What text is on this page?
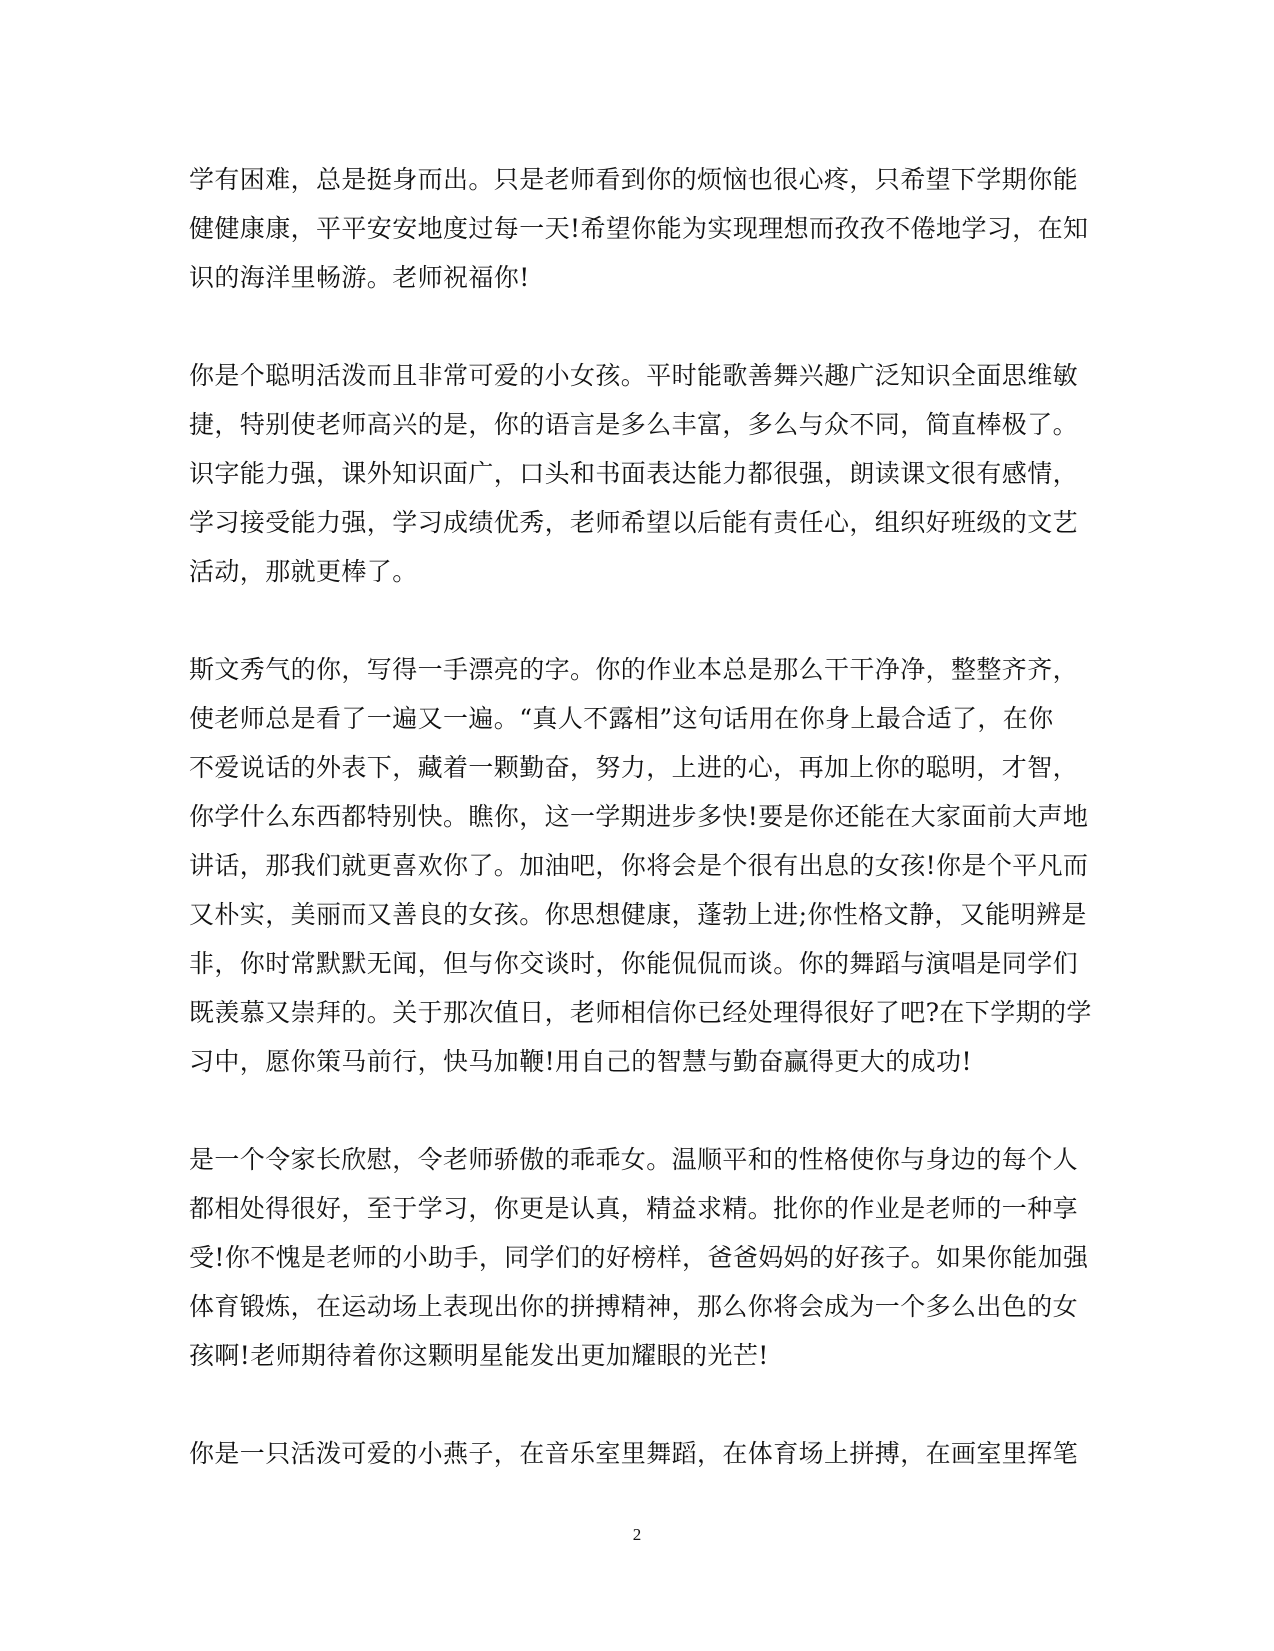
学有困难，总是挺身而出。只是老师看到你的烦恼也很心疼，只希望下学期你能
健健康康，平平安安地度过每一天!希望你能为实现理想而孜孜不倦地学习，在知
识的海洋里畅游。老师祝福你!
你是个聪明活泼而且非常可爱的小女孩。平时能歌善舞兴趣广泛知识全面思维敏
捷，特别使老师高兴的是，你的语言是多么丰富，多么与众不同，简直棒极了。
识字能力强，课外知识面广，口头和书面表达能力都很强，朗读课文很有感情，
学习接受能力强，学习成绩优秀，老师希望以后能有责任心，组织好班级的文艺
活动，那就更棒了。
斯文秀气的你，写得一手漂亮的字。你的作业本总是那么干干净净，整整齐齐，
使老师总是看了一遍又一遍。“真人不露相”这句话用在你身上最合适了，在你
不爱说话的外表下，藏着一颗勤奋，努力，上进的心，再加上你的聪明，才智，
你学什么东西都特别快。瞧你，这一学期进步多快!要是你还能在大家面前大声地
讲话，那我们就更喜欢你了。加油吧，你将会是个很有出息的女孩!你是个平凡而
又朴实，美丽而又善良的女孩。你思想健康，蓬勃上进;你性格文静，又能明辨是
非，你时常默默无闻，但与你交谈时，你能侃侃而谈。你的舞蹈与演唱是同学们
既羡慕又崇拜的。关于那次值日，老师相信你已经处理得很好了吧?在下学期的学
习中，愿你策马前行，快马加鞭!用自己的智慧与勤奋赢得更大的成功!
是一个令家长欣慰，令老师骄傲的乖乖女。温顺平和的性格使你与身边的每个人
都相处得很好，至于学习，你更是认真，精益求精。批你的作业是老师的一种享
受!你不愧是老师的小助手，同学们的好榜样，爸爸妈妈的好孩子。如果你能加强
体育锻炼，在运动场上表现出你的拼搏精神，那么你将会成为一个多么出色的女
孩啊!老师期待着你这颗明星能发出更加耀眼的光芒!
你是一只活泼可爱的小燕子，在音乐室里舞蹈，在体育场上拼搏，在画室里挥笔
2
